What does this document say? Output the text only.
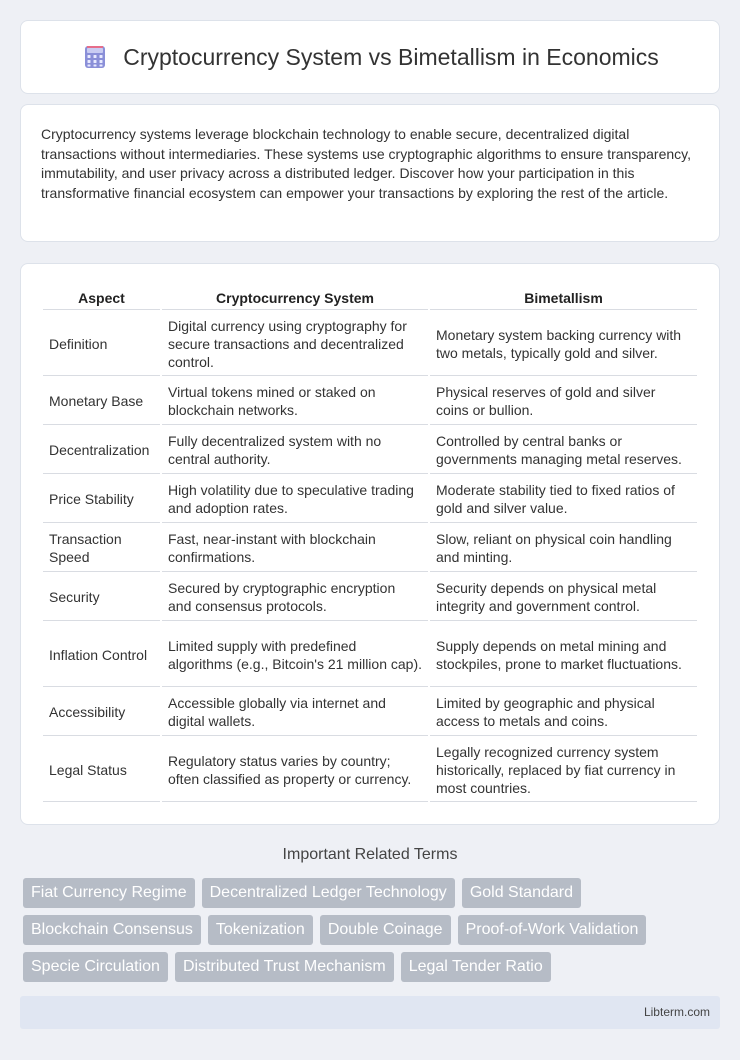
Cryptocurrency System vs Bimetallism in Economics

Cryptocurrency systems leverage blockchain technology to enable secure, decentralized digital transactions without intermediaries. These systems use cryptographic algorithms to ensure transparency, immutability, and user privacy across a distributed ledger. Discover how your participation in this transformative financial ecosystem can empower your transactions by exploring the rest of the article.

Aspect	Cryptocurrency System	Bimetallism
Definition	Digital currency using cryptography for secure transactions and decentralized control.	Monetary system backing currency with two metals, typically gold and silver.
Monetary Base	Virtual tokens mined or staked on blockchain networks.	Physical reserves of gold and silver coins or bullion.
Decentralization	Fully decentralized system with no central authority.	Controlled by central banks or governments managing metal reserves.
Price Stability	High volatility due to speculative trading and adoption rates.	Moderate stability tied to fixed ratios of gold and silver value.
Transaction Speed	Fast, near-instant with blockchain confirmations.	Slow, reliant on physical coin handling and minting.
Security	Secured by cryptographic encryption and consensus protocols.	Security depends on physical metal integrity and government control.
Inflation Control	Limited supply with predefined algorithms (e.g., Bitcoin's 21 million cap).	Supply depends on metal mining and stockpiles, prone to market fluctuations.
Accessibility	Accessible globally via internet and digital wallets.	Limited by geographic and physical access to metals and coins.
Legal Status	Regulatory status varies by country; often classified as property or currency.	Legally recognized currency system historically, replaced by fiat currency in most countries.
Important Related Terms
Fiat Currency Regime	Decentralized Ledger Technology	Gold Standard
Blockchain Consensus	Tokenization	Double Coinage	Proof-of-Work Validation
Specie Circulation	Distributed Trust Mechanism	Legal Tender Ratio
Libterm.com
